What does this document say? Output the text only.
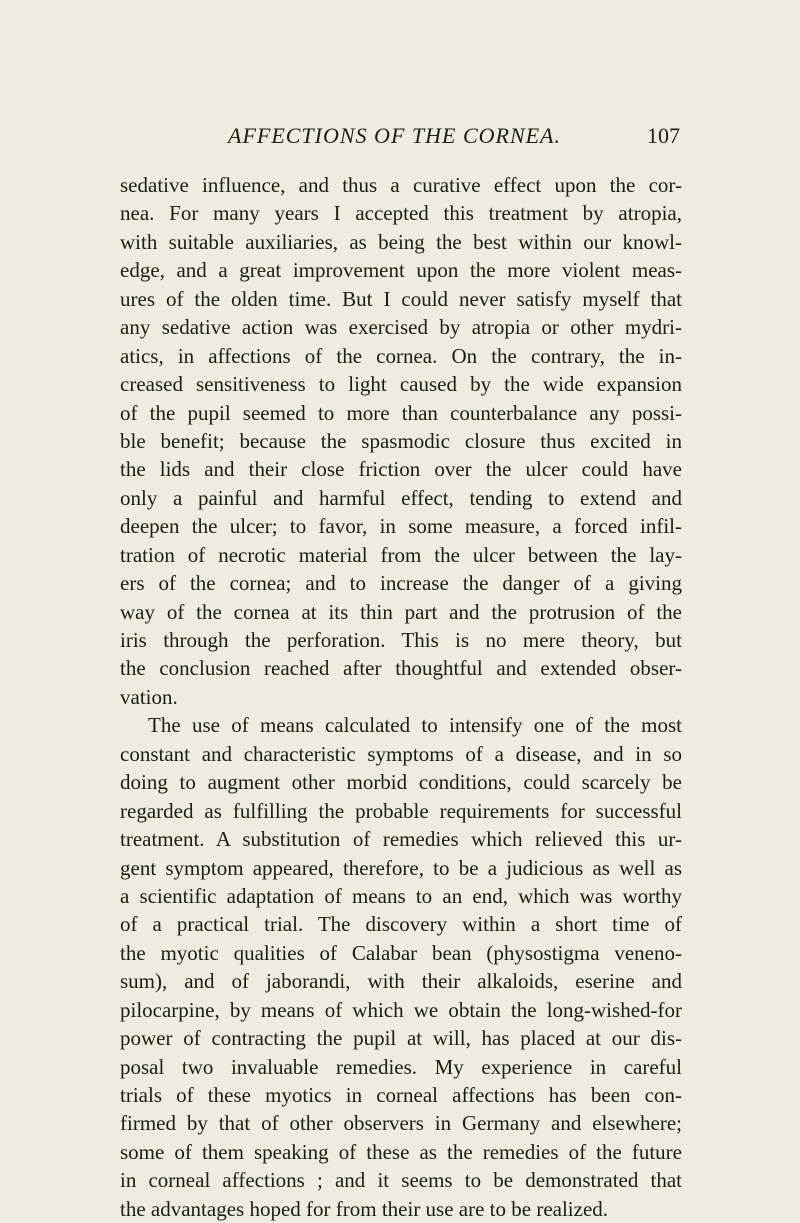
AFFECTIONS OF THE CORNEA.	107
sedative influence, and thus a curative effect upon the cor-
nea. For many years I accepted this treatment by atropia,
with suitable auxiliaries, as being the best within our knowl-
edge, and a great improvement upon the more violent meas-
ures of the olden time. But I could never satisfy myself that
any sedative action was exercised by atropia or other mydri-
atics, in affections of the cornea. On the contrary, the in-
creased sensitiveness to light caused by the wide expansion
of the pupil seemed to more than counterbalance any possi-
ble benefit; because the spasmodic closure thus excited in
the lids and their close friction over the ulcer could have
only a painful and harmful effect, tending to extend and
deepen the ulcer; to favor, in some measure, a forced infil-
tration of necrotic material from the ulcer between the lay-
ers of the cornea; and to increase the danger of a giving
way of the cornea at its thin part and the protrusion of the
iris through the perforation. This is no mere theory, but
the conclusion reached after thoughtful and extended obser-
vation.
The use of means calculated to intensify one of the most
constant and characteristic symptoms of a disease, and in so
doing to augment other morbid conditions, could scarcely be
regarded as fulfilling the probable requirements for successful
treatment. A substitution of remedies which relieved this ur-
gent symptom appeared, therefore, to be a judicious as well as
a scientific adaptation of means to an end, which was worthy
of a practical trial. The discovery within a short time of
the myotic qualities of Calabar bean (physostigma veneno-
sum), and of jaborandi, with their alkaloids, eserine and
pilocarpine, by means of which we obtain the long-wished-for
power of contracting the pupil at will, has placed at our dis-
posal two invaluable remedies. My experience in careful
trials of these myotics in corneal affections has been con-
firmed by that of other observers in Germany and elsewhere;
some of them speaking of these as the remedies of the future
in corneal affections ; and it seems to be demonstrated that
the advantages hoped for from their use are to be realized.
